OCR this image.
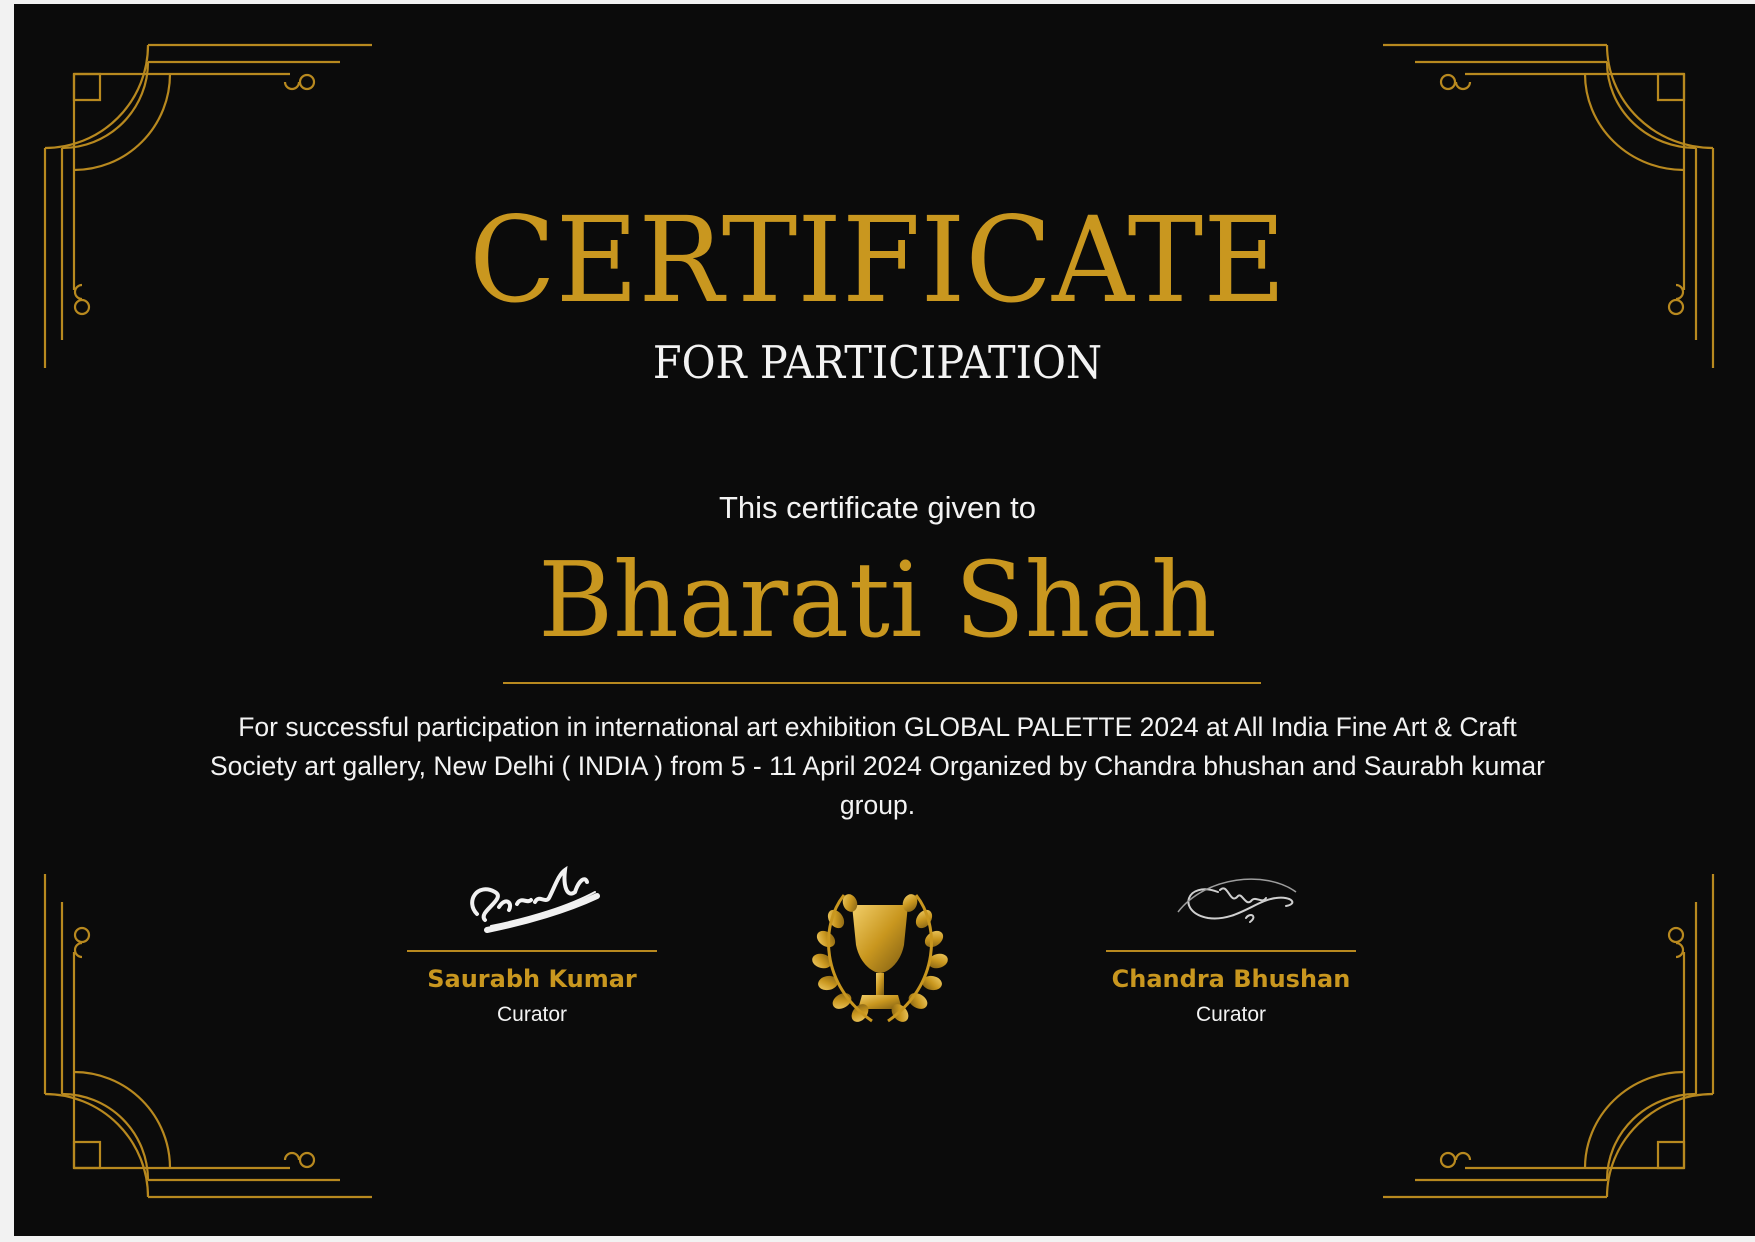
CERTIFICATE
FOR PARTICIPATION
This certificate given to
Bharati Shah
For successful participation in international art exhibition GLOBAL PALETTE 2024 at All India Fine Art & Craft Society art gallery, New Delhi ( INDIA ) from 5 - 11 April 2024 Organized by Chandra bhushan and Saurabh kumar group.
Saurabh Kumar
Curator
Chandra Bhushan
Curator
